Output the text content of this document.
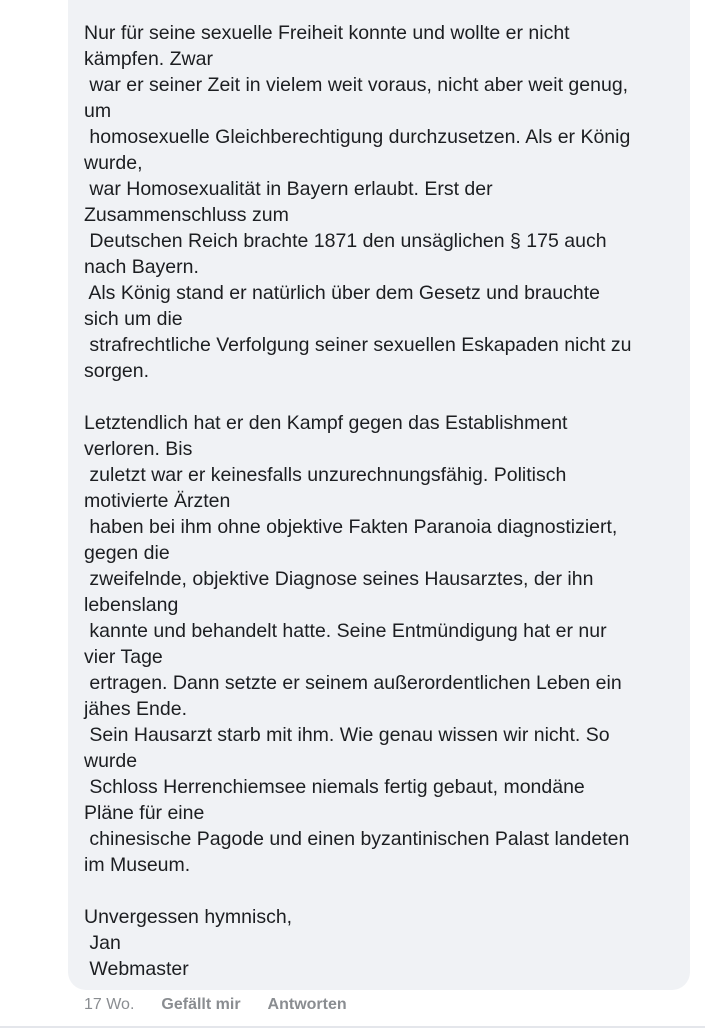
Nur für seine sexuelle Freiheit konnte und wollte er nicht
kämpfen. Zwar
war er seiner Zeit in vielem weit voraus, nicht aber weit genug,
um
homosexuelle Gleichberechtigung durchzusetzen. Als er König
wurde,
war Homosexualität in Bayern erlaubt. Erst der
Zusammenschluss zum
Deutschen Reich brachte 1871 den unsäglichen § 175 auch
nach Bayern.
Als König stand er natürlich über dem Gesetz und brauchte
sich um die
strafrechtliche Verfolgung seiner sexuellen Eskapaden nicht zu
sorgen.

Letztendlich hat er den Kampf gegen das Establishment
verloren. Bis
zuletzt war er keinesfalls unzurechnungsfähig. Politisch
motivierte Ärzten
haben bei ihm ohne objektive Fakten Paranoia diagnostiziert,
gegen die
zweifelnde, objektive Diagnose seines Hausarztes, der ihn
lebenslang
kannte und behandelt hatte. Seine Entmündigung hat er nur
vier Tage
ertragen. Dann setzte er seinem außerordentlichen Leben ein
jähes Ende.
Sein Hausarzt starb mit ihm. Wie genau wissen wir nicht. So
wurde
Schloss Herrenchiemsee niemals fertig gebaut, mondäne
Pläne für eine
chinesische Pagode und einen byzantinischen Palast landeten
im Museum.

Unvergessen hymnisch,
Jan
Webmaster
17 Wo. Gefällt mir Antworten
